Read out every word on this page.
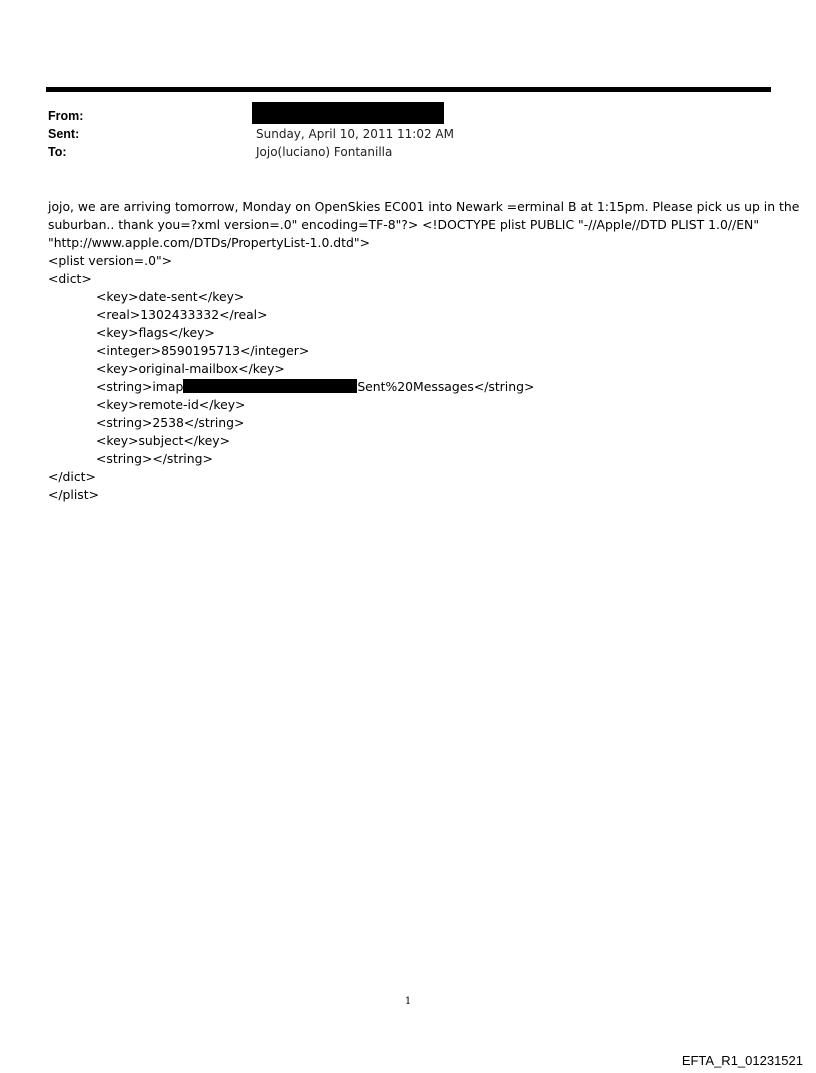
From:
Sent:	Sunday, April 10, 2011 11:02 AM
To:	Jojo(luciano) Fontanilla
jojo, we are arriving tomorrow, Monday on OpenSkies EC001 into Newark =erminal B at 1:15pm. Please pick us up in the
suburban.. thank you=?xml version=.0" encoding=TF-8"?> <!DOCTYPE plist PUBLIC "-//Apple//DTD PLIST 1.0//EN"
"http://www.apple.com/DTDs/PropertyList-1.0.dtd">
<plist version=.0">
<dict>
<key>date-sent</key>
<real>1302433332</real>
<key>flags</key>
<integer>8590195713</integer>
<key>original-mailbox</key>
<string>imap	Sent%20Messages</string>
<key>remote-id</key>
<string>2538</string>
<key>subject</key>
<string></string>
</dict>
</plist>
1
EFTA_R1_01231521
